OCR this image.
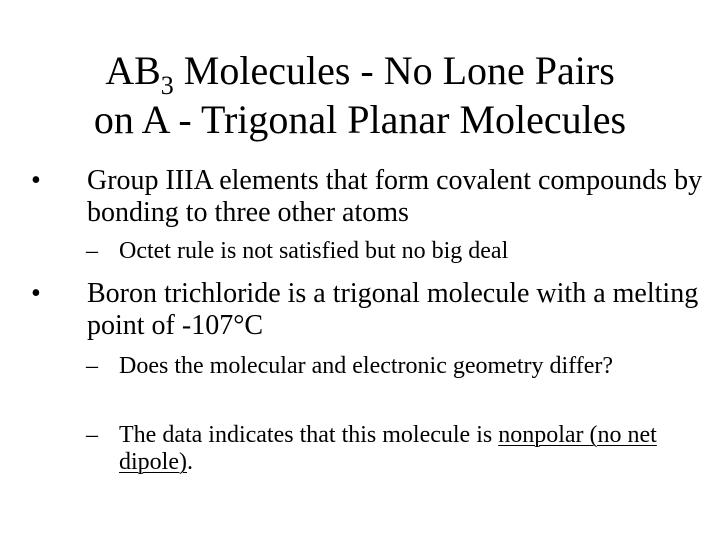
$AB_3$ Molecules - No Lone Pairs
on A - Trigonal Planar Molecules
• Group IIIA elements that form covalent compounds by bonding to three other atoms
– Octet rule is not satisfied but no big deal
• Boron trichloride is a trigonal molecule with a melting point of -107°C
– Does the molecular and electronic geometry differ?
– The data indicates that this molecule is nonpolar (no net dipole).
